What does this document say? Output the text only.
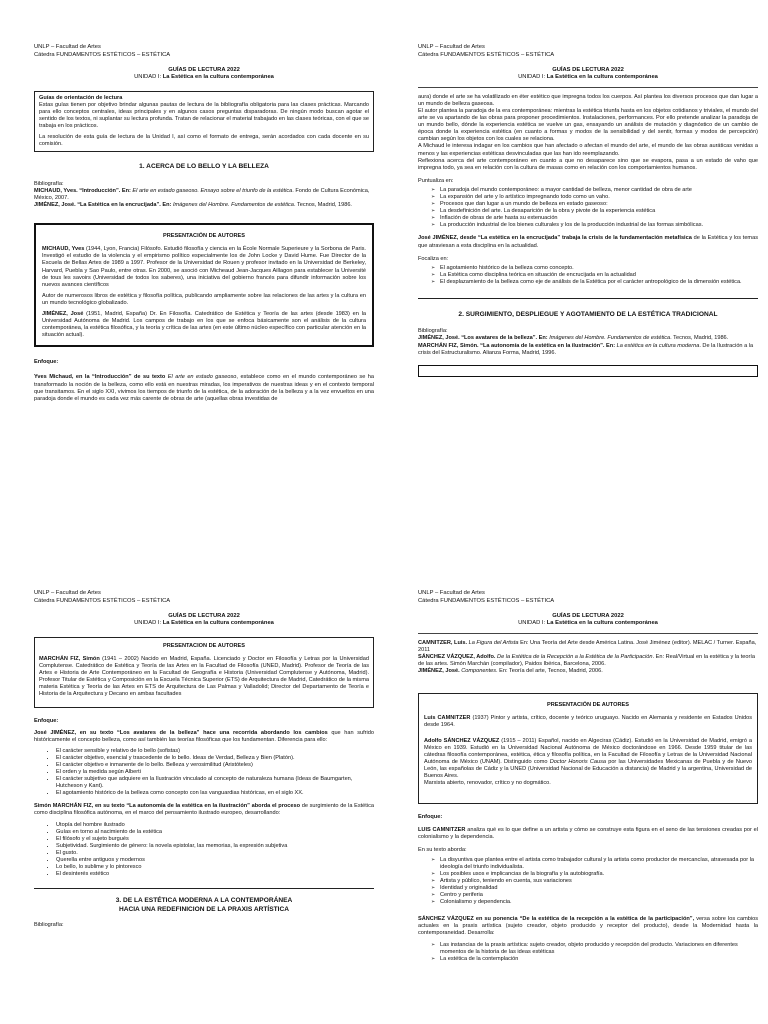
UNLP – Facultad de Artes
Cátedra FUNDAMENTOS ESTÉTICOS – ESTÉTICA
GUÍAS DE LECTURA 2022
UNIDAD I: La Estética en la cultura contemporánea
Guías de orientación de lectura

Estas guías tienen por objetivo brindar algunas pautas de lectura de la bibliografía obligatoria para las clases prácticas. Marcando para ello conceptos centrales, ideas principales y en algunos casos preguntas disparadoras. De ningún modo buscan agotar el sentido de los textos, ni suplantar su lectura profunda. Tratan de relacionar el material trabajado en las clases teóricas, con el que se trabaja en los prácticos.

La resolución de esta guía de lectura de la Unidad I, así como el formato de entrega, serán acordados con cada docente en su comisión.

1. ACERCA DE LO BELLO Y LA BELLEZA
Bibliografía:
MICHAUD, Yves. “Introducción”. En: El arte en estado gaseoso. Ensayo sobre el triunfo de la estética. Fondo de Cultura Económica, México, 2007.
JIMÉNEZ, José. “La Estética en la encrucijada”. En: Imágenes del Hombre. Fundamentos de estética. Tecnos, Madrid, 1986.
PRESENTACIÓN DE AUTORES

MICHAUD, Yves (1944, Lyon, Francia) Filósofo. Estudió filosofía y ciencia en la École Normale Superieure y la Sorbona de Paris. Investigó el estudio de la violencia y el empirismo político especialmente los de John Locke y David Hume. Fue Director de la Escuela de Bellas Artes de 1989 a 1997. Profesor de la Universidad de Rouen y profesor invitado en la Universidad de Berkeley, Harvard, Puebla y Sao Paulo, entre otras. En 2000, se asoció con Micheaud Jean-Jacques Aillagon para establecer la Université de tous les savoirs (Universidad de todos los saberes), una iniciativa del gobierno francés para difundir información sobre los nuevos avances científicos

Autor de numerosos libros de estética y filosofía política, publicando ampliamente sobre las relaciones de las artes y la cultura en un mundo tecnológico globalizado.

JIMÉNEZ, José (1951, Madrid, España) Dr. En Filosofía. Catedrático de Estética y Teoría de las artes (desde 1983) en la Universidad Autónoma de Madrid. Los campos de trabajo en los que se enfoca básicamente son el análisis de la cultura contemporánea, la estética filosófica, y la teoría y crítica de las artes (en este último núcleo específico con particular atención en la situación actual).

Enfoque:

Yves Michaud, en la “Introducción” de su texto El arte en estado gaseoso, establece como en el mundo contemporáneo se ha transformado la noción de la belleza, como ello está en nuestras miradas, los imperativos de nuestras ideas y en el contexto temporal que transitamos. En el siglo XXI, vivimos los tiempos de triunfo de la estética, de la adoración de la belleza y a la vez envueltos en una paradoja donde el mundo es cada vez más carente de obras de arte (aquellas obras investidas de

UNLP – Facultad de Artes
Cátedra FUNDAMENTOS ESTÉTICOS – ESTÉTICA
GUÍAS DE LECTURA 2022
UNIDAD I: La Estética en la cultura contemporánea

aura) donde el arte se ha volatilizado en éter estético que impregna todos los cuerpos. Así plantea los diversos procesos que dan lugar a un mundo de belleza gaseosa.

El autor plantea la paradoja de la era contemporánea: mientras la estética triunfa hasta en los objetos cotidianos y triviales, el mundo del arte se va apartando de las obras para proponer procedimientos. Instalaciones, performances. Por ello pretende analizar la paradoja de un mundo bello, dónde la experiencia estética se vuelve un gas, ensayando un análisis de mutación y diagnóstico de un cambio de época donde la experiencia estética (en cuanto a formas y modos de la sensibilidad y del sentir, formas y modos de percepción) cambian según los objetos con los cuales se relaciona.

A Michaud le interesa indagar en los cambios que han afectado o afectan el mundo del arte, el mundo de las obras auráticas venidas a menos y las experiencias estéticas desvinculadas que las han ido reemplazando.

Reflexiona acerca del arte contemporáneo en cuanto a que no desaparece sino que se evapora, pasa a un estado de vaho que impregna todo, ya sea en relación con la cultura de masas como en relación con los comportamientos humanos.

Puntualiza en:
➢ La paradoja del mundo contemporáneo: a mayor cantidad de belleza, menor cantidad de obra de arte
➢ La expansión del arte y lo artístico impregnando todo como un vaho.
➢ Procesos que dan lugar a un mundo de belleza en estado gaseoso:
➢ La desdefinición del arte. La desaparición de la obra y pivote de la experiencia estética
➢ Inflación de obras de arte hasta su extenuación
➢ La producción industrial de los bienes culturales y los de la producción industrial de las formas simbólicas.

José JIMÉNEZ, desde “La estética en la encrucijada” trabaja la crisis de la fundamentación metafísica de la Estética y los temas que atraviesan a esta disciplina en la actualidad.

Focaliza en:
➢ El agotamiento histórico de la belleza como concepto.
➢ La Estética como disciplina teórica en situación de encrucijada en la actualidad
➢ El desplazamiento de la belleza como eje de análisis de la Estética por el carácter antropológico de la dimensión estética.
2. SURGIMIENTO, DESPLIEGUE Y AGOTAMIENTO DE LA ESTÉTICA TRADICIONAL
Bibliografía:
JIMÉNEZ, José. “Los avatares de la belleza”. En: Imágenes del Hombre. Fundamentos de estética. Tecnos, Madrid, 1986.
MARCHÁN FIZ, Simón. “La autonomía de la estética en la ilustración”. En: La estética en la cultura moderna. De la Ilustración a la crisis del Estructuralismo. Alianza Forma, Madrid, 1996.
UNLP – Facultad de Artes
Cátedra FUNDAMENTOS ESTÉTICOS – ESTÉTICA
GUÍAS DE LECTURA 2022
UNIDAD I: La Estética en la cultura contemporánea
PRESENTACION DE AUTORES

MARCHÁN FIZ, Simón (1941 – 2002) Nacido en Madrid, España. Licenciado y Doctor en Filosofía y Letras por la Universidad Complutense. Catedrático de Estética y Teoría de las Artes en la Facultad de Filosofía (UNED, Madrid). Profesor de Teoría de las Artes e Historia de Arte Contemporáneo en la Facultad de Geografía e Historia (Universidad Complutense y Autónoma, Madrid). Profesor Titular de Estética y Composición en la Escuela Técnica Superior (ETS) de Arquitectura de Madrid, Catedrático de la misma materia Estética y Teoría de las Artes en ETS de Arquitectura de Las Palmas y Valladolid; Director del Departamento de Teoría e Historia de la Arquitectura y Decano en ambas facultades

Enfoque:

José JIMÉNEZ, en su texto “Los avatares de la belleza” hace una recorrida abordando los cambios que han sufrido históricamente el concepto belleza, como así también las teorías filosóficas que los fundamentan. Diferencia para ello:

• El carácter sensible y relativo de lo bello (sofistas)
• El carácter objetivo, esencial y trascedente de lo bello. Ideas de Verdad, Belleza y Bien (Platón).
• El carácter objetivo e inmanente de lo bello. Belleza y verosimilitud (Aristóteles)
• El orden y la medida según Alberti
• El carácter subjetivo que adquiere en la Ilustración vinculado al concepto de naturaleza humana (Ideas de Baumgarten, Hutcheson y Kant).
• El agotamiento histórico de la belleza como concepto con las vanguardias históricas, en el siglo XX.

Simón MARCHÁN FIZ, en su texto “La autonomía de la estética en la ilustración” aborda el proceso de surgimiento de la Estética como disciplina filosófica autónoma, en el marco del pensamiento ilustrado europeo, desarrollando:

• Utopía del hombre ilustrado
• Guías en torno al nacimiento de la estética
• El filósofo y el sujeto burgués
• Subjetividad. Surgimiento de género: la novela epistolar, las memorias, la expresión subjetiva
• El gusto.
• Querella entre antiguos y modernos
• Lo bello, lo sublime y lo pintoresco
• El desinterés estético
3. DE LA ESTÉTICA MODERNA A LA CONTEMPORÁNEA
HACIA UNA REDEFINICION DE LA PRAXIS ARTÍSTICA
Bibliografía:
UNLP – Facultad de Artes
Cátedra FUNDAMENTOS ESTÉTICOS – ESTÉTICA
GUÍAS DE LECTURA 2022
UNIDAD I: La Estética en la cultura contemporánea
CAMNITZER, Luis. La Figura del Artista En: Una Teoría del Arte desde América Latina. José Jiménez (editor). MELAC / Turner. España, 2011
SÁNCHEZ VÁZQUEZ, Adolfo. De la Estética de la Recepción a la Estética de la Participación. En: Real/Virtual en la estética y la teoría de las artes. Simón Marchán (compilador), Paidos Ibérica, Barcelona, 2006.
JIMÉNEZ, José. Componentes. En: Teoría del arte, Tecnos, Madrid, 2006.
PRESENTACIÓN DE AUTORES

Luis CAMNITZER (1937) Pintor y artista, crítico, docente y teórico uruguayo. Nacido en Alemania y residente en Estados Unidos desde 1964.

Adolfo SÁNCHEZ VÁZQUEZ (1915 – 2011) Español, nacido en Algeciras (Cádiz). Estudió en la Universidad de Madrid, emigró a México en 1939. Estudió en la Universidad Nacional Autónoma de México doctorándose en 1966. Desde 1959 titular de las cátedras filosofía contemporánea, estética, ética y filosofía política, en la Facultad de Filosofía y Letras de la Universidad Nacional Autónoma de México (UNAM). Distinguido como Doctor Honoris Causa por las Universidades Mexicanas de Puebla y de Nuevo León, las españolas de Cádiz y la UNED (Universidad Nacional de Educación a distancia) de Madrid y la argentina, Universidad de Buenos Aires.

Marxista abierto, renovador, crítico y no dogmático.

Enfoque:

LUIS CAMNITZER analiza qué es lo que define a un artista y cómo se construye esta figura en el seno de las tensiones creadas por el colonialismo y la dependencia.

En su texto aborda:
➢ La disyuntiva que plantea entre el artista como trabajador cultural y la artista como productor de mercancías, atravesada por la ideología del triunfo individualista.
➢ Los posibles usos e implicancias de la biografía y la autobiografía.
➢ Artista y público, teniendo en cuenta, sus variaciones
➢ Identidad y originalidad
➢ Centro y periferia
➢ Colonialismo y dependencia.

SÁNCHEZ VÁZQUEZ en su ponencia “De la estética de la recepción a la estética de la participación”, versa sobre los cambios actuales en la praxis artística (sujeto creador, objeto producido y receptor del producto), desde la Modernidad hasta la contemporaneidad. Desarrolla:

➢ Las instancias de la praxis artística: sujeto creador, objeto producido y recepción del producto. Variaciones en diferentes momentos de la historia de las ideas estéticas
➢ La estética de la contemplación
